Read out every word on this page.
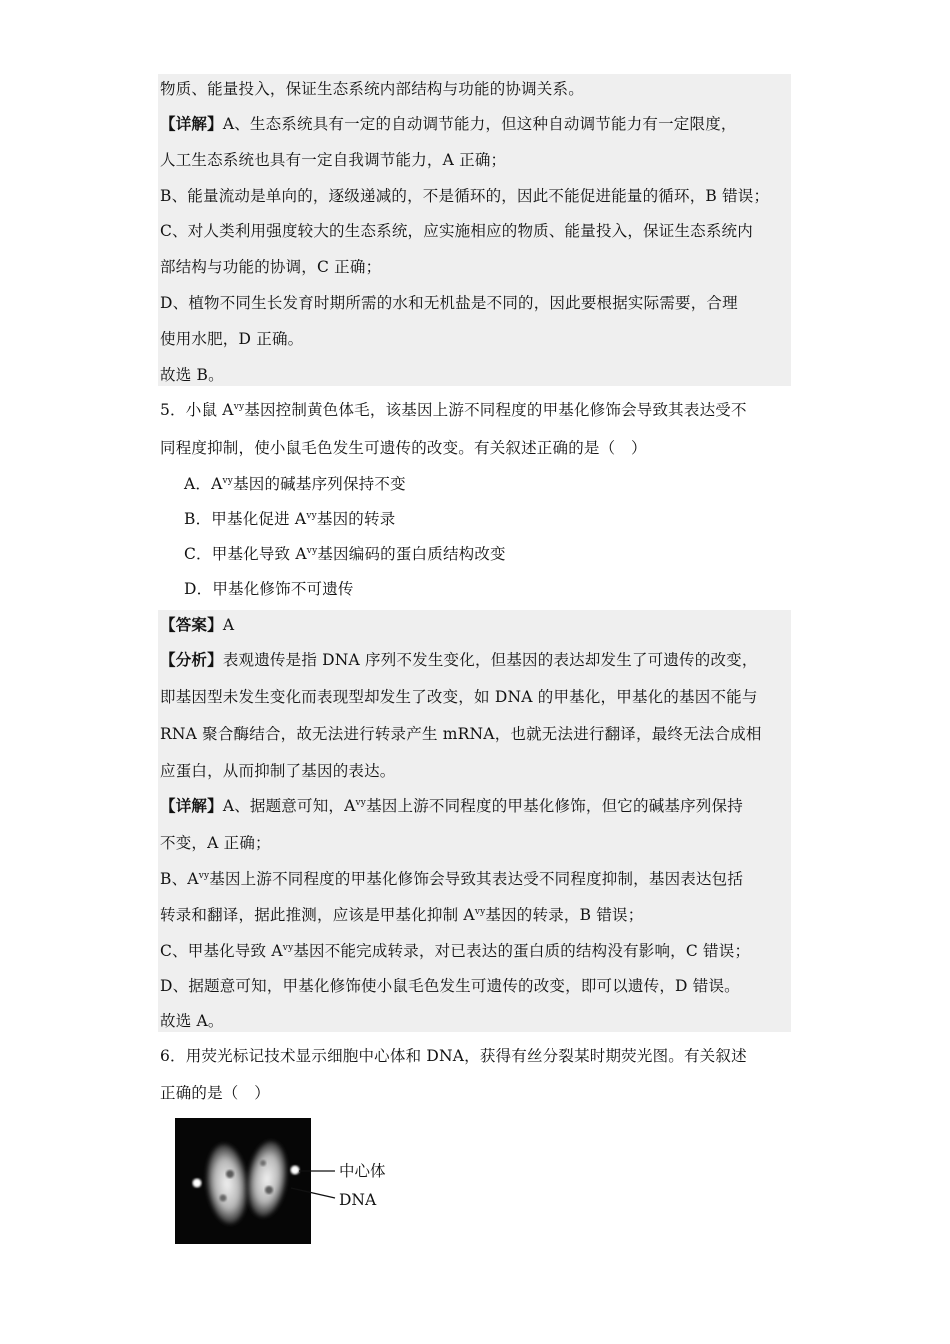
物质、能量投入，保证生态系统内部结构与功能的协调关系。
【详解】A、生态系统具有一定的自动调节能力，但这种自动调节能力有一定限度，
人工生态系统也具有一定自我调节能力，A 正确；
B、能量流动是单向的，逐级递减的，不是循环的，因此不能促进能量的循环，B 错误；
C、对人类利用强度较大的生态系统，应实施相应的物质、能量投入，保证生态系统内
部结构与功能的协调，C 正确；
D、植物不同生长发育时期所需的水和无机盐是不同的，因此要根据实际需要，合理
使用水肥，D 正确。
故选 B。
5．小鼠 $A^{vy}$基因控制黄色体毛，该基因上游不同程度的甲基化修饰会导致其表达受不
同程度抑制，使小鼠毛色发生可遗传的改变。有关叙述正确的是（　）
A．$A^{vy}$基因的碱基序列保持不变
B．甲基化促进 $A^{vy}$基因的转录
C．甲基化导致 $A^{vy}$基因编码的蛋白质结构改变
D．甲基化修饰不可遗传
【答案】A
【分析】表观遗传是指 DNA 序列不发生变化，但基因的表达却发生了可遗传的改变，
即基因型未发生变化而表现型却发生了改变，如 DNA 的甲基化，甲基化的基因不能与
RNA 聚合酶结合，故无法进行转录产生 mRNA，也就无法进行翻译，最终无法合成相
应蛋白，从而抑制了基因的表达。
【详解】A、据题意可知，$A^{vy}$基因上游不同程度的甲基化修饰，但它的碱基序列保持
不变，A 正确；
B、$A^{vy}$基因上游不同程度的甲基化修饰会导致其表达受不同程度抑制，基因表达包括
转录和翻译，据此推测，应该是甲基化抑制 $A^{vy}$基因的转录，B 错误；
C、甲基化导致 $A^{vy}$基因不能完成转录，对已表达的蛋白质的结构没有影响，C 错误；
D、据题意可知，甲基化修饰使小鼠毛色发生可遗传的改变，即可以遗传，D 错误。
故选 A。
6．用荧光标记技术显示细胞中心体和 DNA，获得有丝分裂某时期荧光图。有关叙述
正确的是（　）
中心体
DNA
